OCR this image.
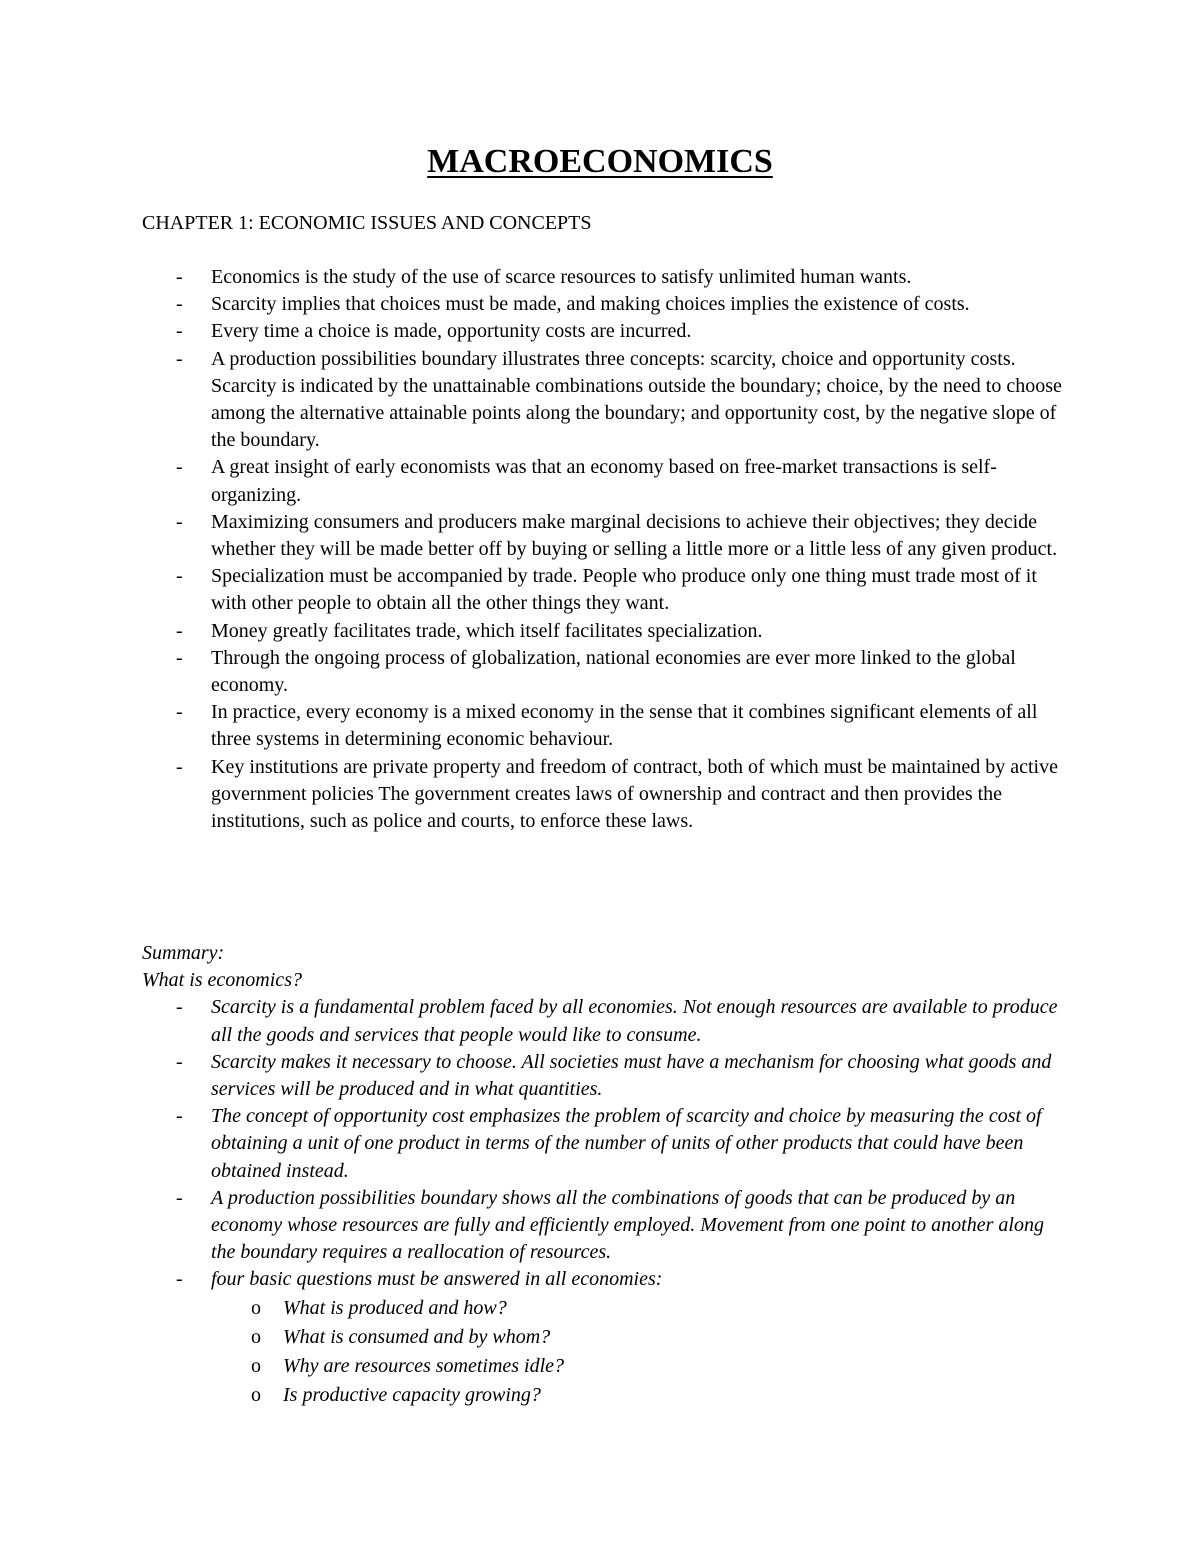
MACROECONOMICS

CHAPTER 1: ECONOMIC ISSUES AND CONCEPTS

- Economics is the study of the use of scarce resources to satisfy unlimited human wants.
- Scarcity implies that choices must be made, and making choices implies the existence of costs.
- Every time a choice is made, opportunity costs are incurred.
- A production possibilities boundary illustrates three concepts: scarcity, choice and opportunity costs. Scarcity is indicated by the unattainable combinations outside the boundary; choice, by the need to choose among the alternative attainable points along the boundary; and opportunity cost, by the negative slope of the boundary.
- A great insight of early economists was that an economy based on free-market transactions is self-organizing.
- Maximizing consumers and producers make marginal decisions to achieve their objectives; they decide whether they will be made better off by buying or selling a little more or a little less of any given product.
- Specialization must be accompanied by trade. People who produce only one thing must trade most of it with other people to obtain all the other things they want.
- Money greatly facilitates trade, which itself facilitates specialization.
- Through the ongoing process of globalization, national economies are ever more linked to the global economy.
- In practice, every economy is a mixed economy in the sense that it combines significant elements of all three systems in determining economic behaviour.
- Key institutions are private property and freedom of contract, both of which must be maintained by active government policies The government creates laws of ownership and contract and then provides the institutions, such as police and courts, to enforce these laws.

Summary:

What is economics?

- Scarcity is a fundamental problem faced by all economies. Not enough resources are available to produce all the goods and services that people would like to consume.
- Scarcity makes it necessary to choose. All societies must have a mechanism for choosing what goods and services will be produced and in what quantities.
- The concept of opportunity cost emphasizes the problem of scarcity and choice by measuring the cost of obtaining a unit of one product in terms of the number of units of other products that could have been obtained instead.
- A production possibilities boundary shows all the combinations of goods that can be produced by an economy whose resources are fully and efficiently employed. Movement from one point to another along the boundary requires a reallocation of resources.
- four basic questions must be answered in all economies:
o What is produced and how?
o What is consumed and by whom?
o Why are resources sometimes idle?
o Is productive capacity growing?
